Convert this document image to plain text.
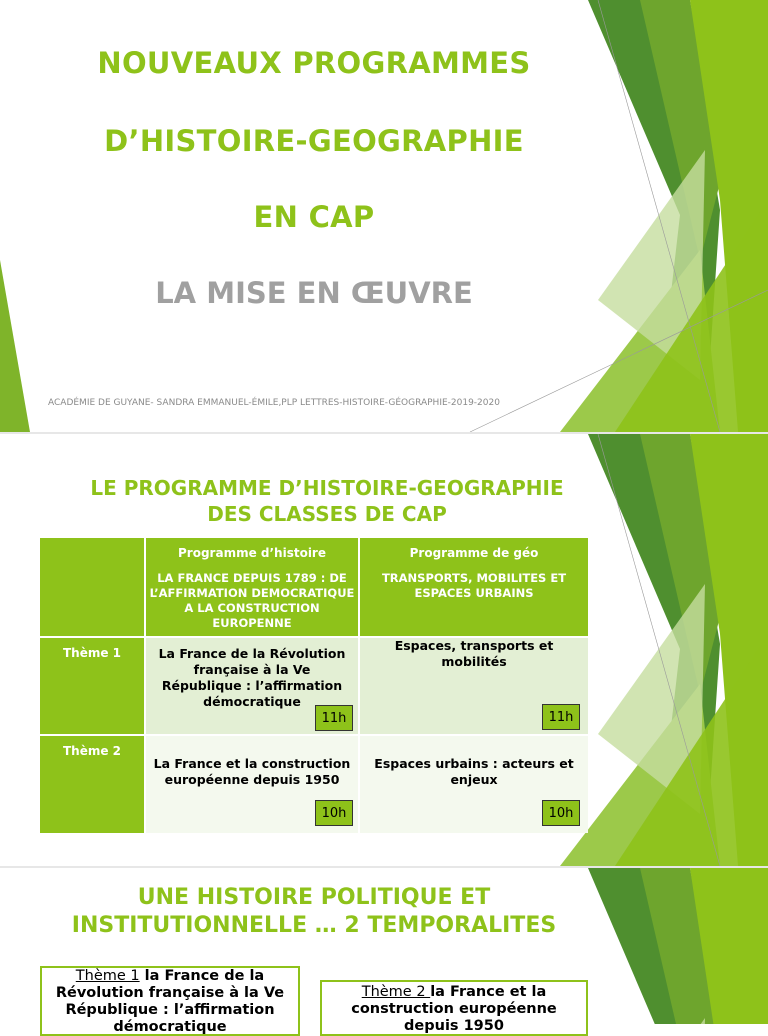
NOUVEAUX PROGRAMMES
D’HISTOIRE-GEOGRAPHIE
EN CAP
LA MISE EN ŒUVRE
ACADÉMIE DE GUYANE- SANDRA EMMANUEL-ÉMILE,PLP LETTRES-HISTOIRE-GÉOGRAPHIE-2019-2020
LE PROGRAMME D’HISTOIRE-GEOGRAPHIE
DES CLASSES DE CAP
Programme d’histoire
LA FRANCE DEPUIS 1789 : DE L’AFFIRMATION DEMOCRATIQUE A LA CONSTRUCTION EUROPENNE
Programme de géo
TRANSPORTS, MOBILITES ET ESPACES URBAINS
Thème 1	La France de la Révolution française à la Ve République : l’affirmation démocratique
11h
Espaces, transports et mobilités
11h
Thème 2
La France et la construction européenne depuis 1950
10h
Espaces urbains : acteurs et enjeux
10h
UNE HISTOIRE POLITIQUE ET
INSTITUTIONNELLE … 2 TEMPORALITES
Thème 1 la France de la Révolution française à la Ve République : l’affirmation démocratique
Thème 2 la France et la construction européenne depuis 1950
